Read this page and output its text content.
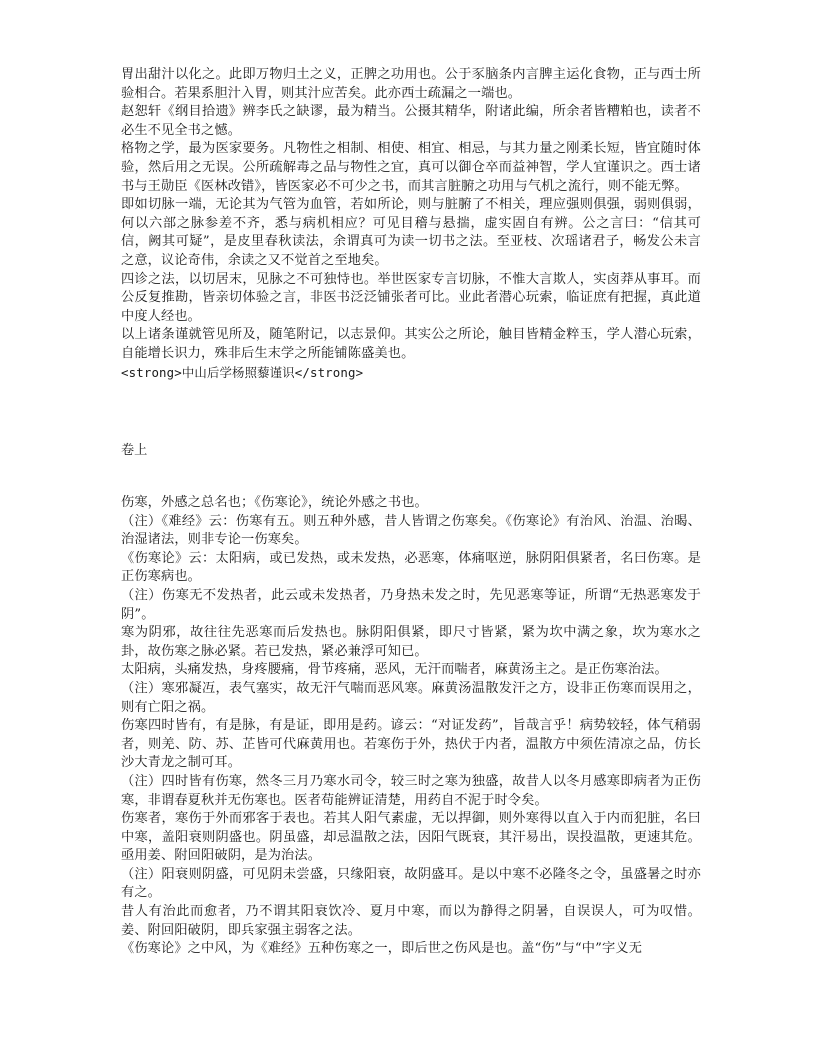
胃出甜汁以化之。此即万物归土之义，正脾之功用也。公于豕脑条内言脾主运化食物，正与西士所验相合。若果系胆汁入胃，则其汁应苦矣。此亦西士疏漏之一端也。

赵恕轩《纲目拾遗》辨李氏之缺谬，最为精当。公摄其精华，附诸此编，所余者皆糟粕也，读者不必生不见全书之憾。

格物之学，最为医家要务。凡物性之相制、相使、相宜、相忌，与其力量之刚柔长短，皆宜随时体验，然后用之无误。公所疏解毒之品与物性之宜，真可以御仓卒而益神智，学人宜谨识之。西士诸书与王勋臣《医林改错》，皆医家必不可少之书，而其言脏腑之功用与气机之流行，则不能无弊。

即如切脉一端，无论其为气管为血管，若如所论，则与脏腑了不相关，理应强则俱强，弱则俱弱，何以六部之脉参差不齐，悉与病机相应？可见目稽与悬揣，虚实固自有辨。公之言曰：“信其可信，阙其可疑”，是皮里春秋读法，余谓真可为读一切书之法。至亚枝、次瑶诸君子，畅发公未言之意，议论奇伟，余读之又不觉首之至地矣。

四诊之法，以切居末，见脉之不可独恃也。举世医家专言切脉，不惟大言欺人，实卤莽从事耳。而公反复推勘，皆亲切体验之言，非医书泛泛铺张者可比。业此者潜心玩索，临证庶有把握，真此道中度人经也。

以上诸条谨就管见所及，随笔附记，以志景仰。其实公之所论，触目皆精金粹玉，学人潜心玩索，自能增长识力，殊非后生末学之所能铺陈盛美也。

<strong>中山后学杨照藜谨识</strong>

卷上

伤寒，外感之总名也；《伤寒论》，统论外感之书也。

（注）《难经》云：伤寒有五。则五种外感，昔人皆谓之伤寒矣。《伤寒论》有治风、治温、治暍、治湿诸法，则非专论一伤寒矣。

《伤寒论》云：太阳病，或已发热，或未发热，必恶寒，体痛呕逆，脉阴阳俱紧者，名曰伤寒。是正伤寒病也。

（注）伤寒无不发热者，此云或未发热者，乃身热未发之时，先见恶寒等证，所谓“无热恶寒发于阴”。

寒为阴邪，故往往先恶寒而后发热也。脉阴阳俱紧，即尺寸皆紧，紧为坎中满之象，坎为寒水之卦，故伤寒之脉必紧。若已发热，紧必兼浮可知已。

太阳病，头痛发热，身疼腰痛，骨节疼痛，恶风，无汗而喘者，麻黄汤主之。是正伤寒治法。

（注）寒邪凝冱，表气塞实，故无汗气喘而恶风寒。麻黄汤温散发汗之方，设非正伤寒而误用之，则有亡阳之祸。

伤寒四时皆有，有是脉，有是证，即用是药。谚云：“对证发药”，旨哉言乎！病势较轻，体气稍弱者，则羌、防、苏、芷皆可代麻黄用也。若寒伤于外，热伏于内者，温散方中须佐清凉之品，仿长沙大青龙之制可耳。

（注）四时皆有伤寒，然冬三月乃寒水司令，较三时之寒为独盛，故昔人以冬月感寒即病者为正伤寒，非谓春夏秋并无伤寒也。医者苟能辨证清楚，用药自不泥于时令矣。

伤寒者，寒伤于外而邪客于表也。若其人阳气素虚，无以捍御，则外寒得以直入于内而犯脏，名曰中寒，盖阳衰则阴盛也。阴虽盛，却忌温散之法，因阳气既衰，其汗易出，误投温散，更速其危。亟用姜、附回阳破阴，是为治法。

（注）阳衰则阴盛，可见阴未尝盛，只缘阳衰，故阴盛耳。是以中寒不必隆冬之令，虽盛暑之时亦有之。

昔人有治此而愈者，乃不谓其阳衰饮冷、夏月中寒，而以为静得之阴暑，自误误人，可为叹惜。姜、附回阳破阴，即兵家强主弱客之法。

《伤寒论》之中风，为《难经》五种伤寒之一，即后世之伤风是也。盖“伤”与“中”字义无
